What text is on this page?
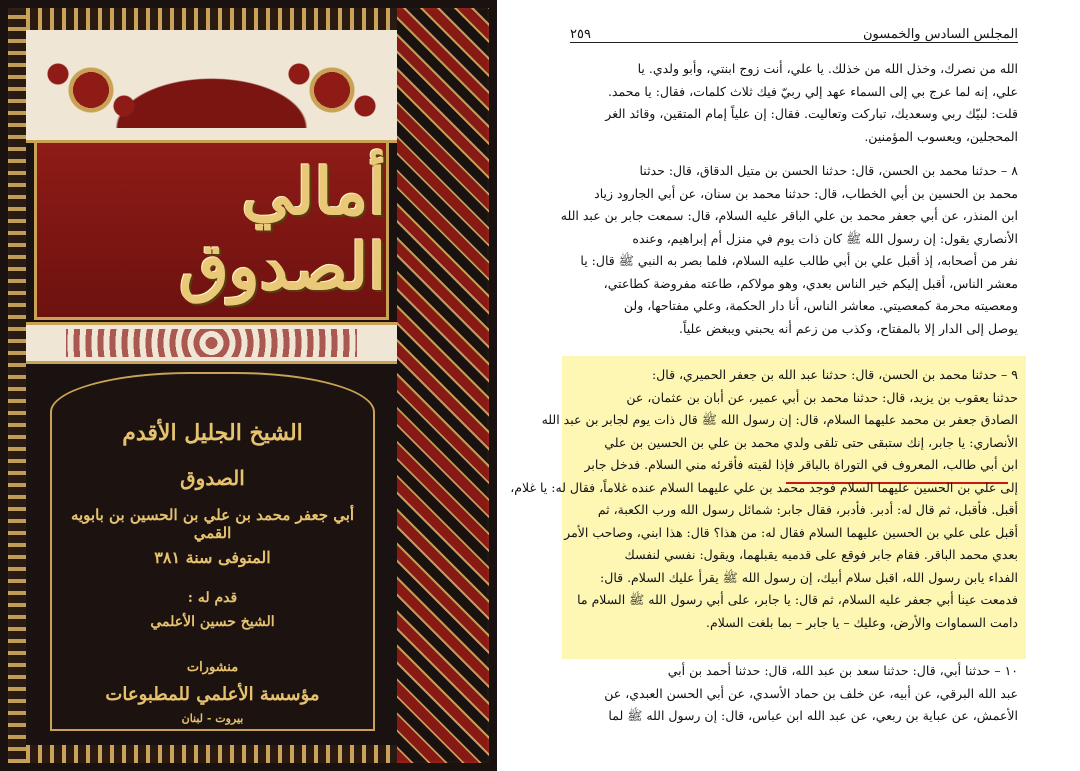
أمالي الصدوق
الشيخ الجليل الأقدم
الصدوق
أبي جعفر محمد بن علي بن الحسين بن بابويه القمي
المتوفى سنة ٣٨١
قدم له :
الشيخ حسين الأعلمي
منشورات
مؤسسة الأعلمي للمطبوعات
بيروت - لبنان
٢٥٩	المجلس السادس والخمسون

الله من نصرك، وخذل الله من خذلك. يا علي، أنت زوج ابنتي، وأبو ولدي. يا

علي، إنه لما عرج بي إلى السماء عهد إلي ربيّ فيك ثلاث كلمات، فقال: يا محمد.

قلت: لبيّك ربي وسعديك، تباركت وتعاليت. فقال: إن علياً إمام المتقين، وقائد الغر

المحجلين، ويعسوب المؤمنين.

٨ – حدثنا محمد بن الحسن، قال: حدثنا الحسن بن متيل الدقاق، قال: حدثنا

محمد بن الحسين بن أبي الخطاب، قال: حدثنا محمد بن سنان، عن أبي الجارود زياد

ابن المنذر، عن أبي جعفر محمد بن علي الباقر عليه السلام، قال: سمعت جابر بن عبد الله

الأنصاري يقول: إن رسول الله ﷺ كان ذات يوم في منزل أم إبراهيم، وعنده

نفر من أصحابه، إذ أقبل علي بن أبي طالب عليه السلام، فلما بصر به النبي ﷺ قال: يا

معشر الناس، أقبل إليكم خير الناس بعدي، وهو مولاكم، طاعته مفروضة كطاعتي،

ومعصيته محرمة كمعصيتي. معاشر الناس، أنا دار الحكمة، وعلي مفتاحها، ولن

يوصل إلى الدار إلا بالمفتاح، وكذب من زعم أنه يحبني ويبغض علياً.

٩ – حدثنا محمد بن الحسن، قال: حدثنا عبد الله بن جعفر الحميري، قال:

حدثنا يعقوب بن يزيد، قال: حدثنا محمد بن أبي عمير، عن أبان بن عثمان، عن

الصادق جعفر بن محمد عليهما السلام، قال: إن رسول الله ﷺ قال ذات يوم لجابر بن عبد الله

الأنصاري: يا جابر، إنك ستبقى حتى تلقى ولدي محمد بن علي بن الحسين بن علي

ابن أبي طالب، المعروف في التوراة بالباقر فإذا لقيته فأقرئه مني السلام. فدخل جابر

إلى علي بن الحسين عليهما السلام فوجد محمد بن علي عليهما السلام عنده غلاماً، فقال له: يا غلام،

أقبل. فأقبل، ثم قال له: أدبر. فأدبر، فقال جابر: شمائل رسول الله ورب الكعبة، ثم

أقبل على علي بن الحسين عليهما السلام فقال له: من هذا؟ قال: هذا ابني، وصاحب الأمر

بعدي محمد الباقر. فقام جابر فوقع على قدميه يقبلهما، ويقول: نفسي لنفسك

الفداء يابن رسول الله، اقبل سلام أبيك، إن رسول الله ﷺ يقرأ عليك السلام. قال:

فدمعت عينا أبي جعفر عليه السلام، ثم قال: يا جابر، على أبي رسول الله ﷺ السلام ما

دامت السماوات والأرض، وعليك – يا جابر – بما بلغت السلام.

١٠ – حدثنا أبي، قال: حدثنا سعد بن عبد الله، قال: حدثنا أحمد بن أبي

عبد الله البرقي، عن أبيه، عن خلف بن حماد الأسدي، عن أبي الحسن العبدي، عن

الأعمش، عن عباية بن ربعي، عن عبد الله ابن عباس، قال: إن رسول الله ﷺ لما
